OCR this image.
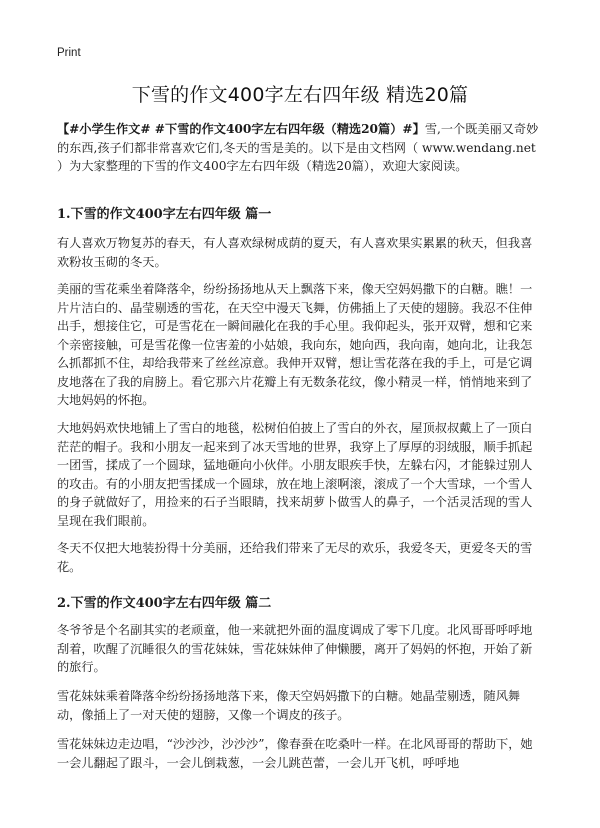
Print
下雪的作文400字左右四年级 精选20篇

【#小学生作文# #下雪的作文400字左右四年级（精选20篇）#】雪,一个既美丽又奇妙的东西,孩子们都非常喜欢它们,冬天的雪是美的。以下是由文档网（ www.wendang.net ）为大家整理的下雪的作文400字左右四年级（精选20篇），欢迎大家阅读。

1.下雪的作文400字左右四年级 篇一

有人喜欢万物复苏的春天，有人喜欢绿树成荫的夏天，有人喜欢果实累累的秋天，但我喜欢粉妆玉砌的冬天。

美丽的雪花乘坐着降落伞，纷纷扬扬地从天上飘落下来，像天空妈妈撒下的白糖。瞧！一片片洁白的、晶莹剔透的雪花，在天空中漫天飞舞，仿佛插上了天使的翅膀。我忍不住伸出手，想接住它，可是雪花在一瞬间融化在我的手心里。我仰起头，张开双臂，想和它来个亲密接触，可是雪花像一位害羞的小姑娘，我向东，她向西，我向南，她向北，让我怎么抓都抓不住，却给我带来了丝丝凉意。我伸开双臂，想让雪花落在我的手上，可是它调皮地落在了我的肩膀上。看它那六片花瓣上有无数条花纹，像小精灵一样，悄悄地来到了大地妈妈的怀抱。

大地妈妈欢快地铺上了雪白的地毯，松树伯伯披上了雪白的外衣，屋顶叔叔戴上了一顶白茫茫的帽子。我和小朋友一起来到了冰天雪地的世界，我穿上了厚厚的羽绒服，顺手抓起一团雪，揉成了一个圆球，猛地砸向小伙伴。小朋友眼疾手快，左躲右闪，才能躲过别人的攻击。有的小朋友把雪揉成一个圆球，放在地上滚啊滚，滚成了一个大雪球，一个雪人的身子就做好了，用捡来的石子当眼睛，找来胡萝卜做雪人的鼻子，一个活灵活现的雪人呈现在我们眼前。

冬天不仅把大地装扮得十分美丽，还给我们带来了无尽的欢乐，我爱冬天，更爱冬天的雪花。

2.下雪的作文400字左右四年级 篇二

冬爷爷是个名副其实的老顽童，他一来就把外面的温度调成了零下几度。北风哥哥呼呼地刮着，吹醒了沉睡很久的雪花妹妹，雪花妹妹伸了伸懒腰，离开了妈妈的怀抱，开始了新的旅行。

雪花妹妹乘着降落伞纷纷扬扬地落下来，像天空妈妈撒下的白糖。她晶莹剔透，随风舞动，像插上了一对天使的翅膀，又像一个调皮的孩子。

雪花妹妹边走边唱，“沙沙沙，沙沙沙”，像春蚕在吃桑叶一样。在北风哥哥的帮助下，她一会儿翻起了跟斗，一会儿倒栽葱，一会儿跳芭蕾，一会儿开飞机，呼呼地
